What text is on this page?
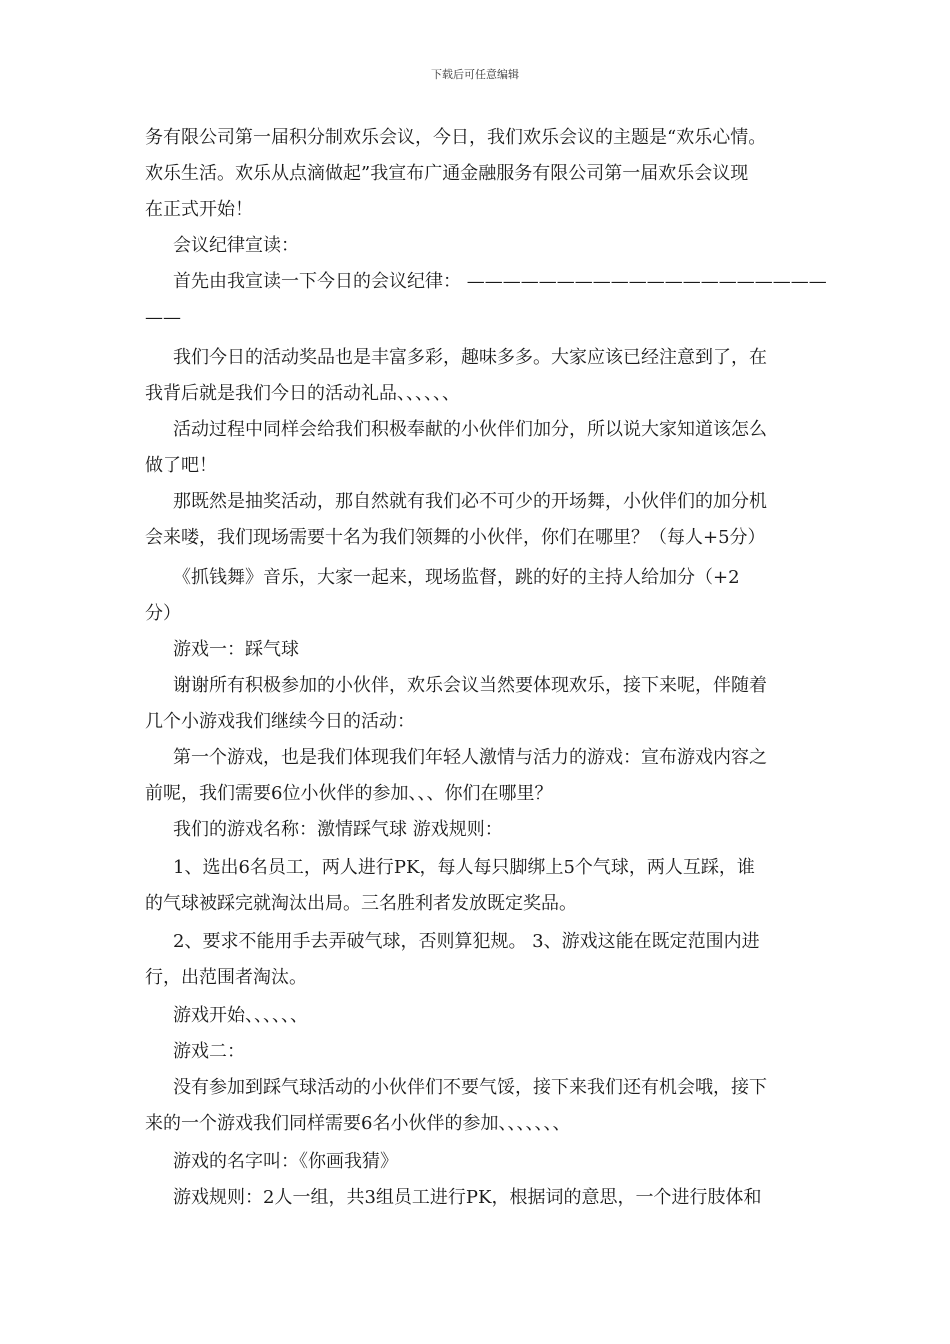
下载后可任意编辑
务有限公司第一届积分制欢乐会议，今日，我们欢乐会议的主题是“欢乐心情。
欢乐生活。欢乐从点滴做起”我宣布广通金融服务有限公司第一届欢乐会议现
在正式开始！
会议纪律宣读：
首先由我宣读一下今日的会议纪律： ————————————————————
——
我们今日的活动奖品也是丰富多彩，趣味多多。大家应该已经注意到了，在
我背后就是我们今日的活动礼品、、、、、、
活动过程中同样会给我们积极奉献的小伙伴们加分，所以说大家知道该怎么
做了吧！
那既然是抽奖活动，那自然就有我们必不可少的开场舞，小伙伴们的加分机
会来喽，我们现场需要十名为我们领舞的小伙伴，你们在哪里？（每人+5分）
《抓钱舞》音乐，大家一起来，现场监督，跳的好的主持人给加分（+2
分）
游戏一：踩气球
谢谢所有积极参加的小伙伴，欢乐会议当然要体现欢乐，接下来呢，伴随着
几个小游戏我们继续今日的活动：
第一个游戏，也是我们体现我们年轻人激情与活力的游戏：宣布游戏内容之
前呢，我们需要6位小伙伴的参加、、、你们在哪里？
我们的游戏名称：激情踩气球 游戏规则：
1、选出6名员工，两人进行PK，每人每只脚绑上5个气球，两人互踩，谁
的气球被踩完就淘汰出局。三名胜利者发放既定奖品。
2、要求不能用手去弄破气球，否则算犯规。 3、游戏这能在既定范围内进
行，出范围者淘汰。
游戏开始、、、、、、
游戏二：
没有参加到踩气球活动的小伙伴们不要气馁，接下来我们还有机会哦，接下
来的一个游戏我们同样需要6名小伙伴的参加、、、、、、、
游戏的名字叫：《你画我猜》
游戏规则：2人一组，共3组员工进行PK，根据词的意思，一个进行肢体和
